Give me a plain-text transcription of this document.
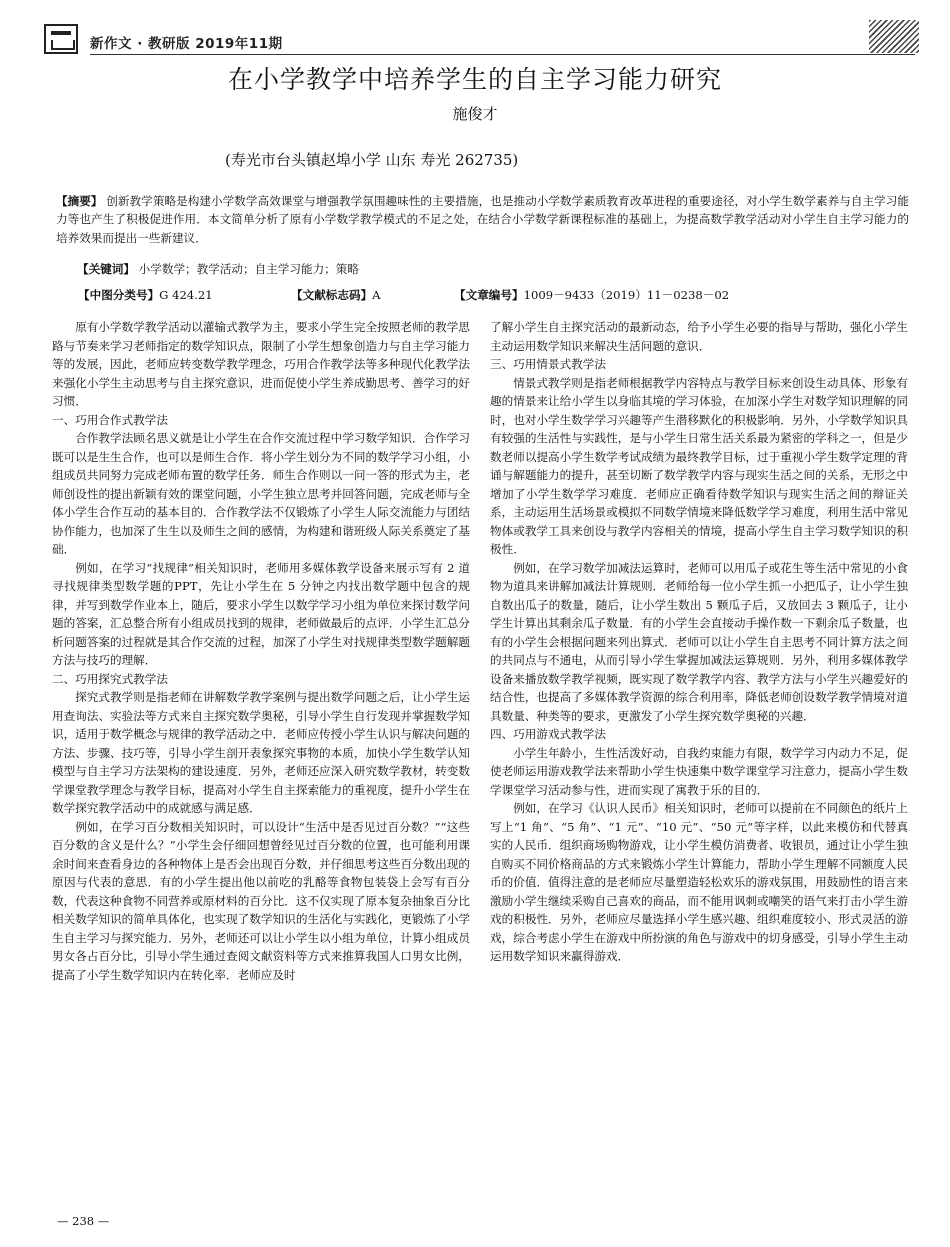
新作文 · 教研版 2019年11期
在小学教学中培养学生的自主学习能力研究
施俊才
(寿光市台头镇赵埠小学 山东 寿光 262735)
【摘要】 创新教学策略是构建小学数学高效课堂与增强教学氛围趣味性的主要措施，也是推动小学数学素质教育改革进程的重要途径，对小学生数学素养与自主学习能力等也产生了积极促进作用．本文简单分析了原有小学数学教学模式的不足之处，在结合小学数学新课程标准的基础上，为提高数学教学活动对小学生自主学习能力的培养效果而提出一些新建议．
【关键词】 小学数学；教学活动；自主学习能力；策略
【中图分类号】G 424.21	【文献标志码】A	【文章编号】1009－9433（2019）11－0238－02

原有小学数学教学活动以灌输式教学为主，要求小学生完全按照老师的教学思路与节奏来学习老师指定的数学知识点，限制了小学生想象创造力与自主学习能力等的发展，因此，老师应转变数学教学理念，巧用合作教学法等多种现代化教学法来强化小学生主动思考与自主探究意识，进而促使小学生养成勤思考、善学习的好习惯．

一、巧用合作式教学法

合作教学法顾名思义就是让小学生在合作交流过程中学习数学知识．合作学习既可以是生生合作，也可以是师生合作．将小学生划分为不同的数学学习小组，小组成员共同努力完成老师布置的数学任务．师生合作则以一问一答的形式为主，老师创设性的提出新颖有效的课堂问题，小学生独立思考并回答问题，完成老师与全体小学生合作互动的基本目的．合作教学法不仅锻炼了小学生人际交流能力与团结协作能力，也加深了生生以及师生之间的感情，为构建和谐班级人际关系奠定了基础．

例如，在学习“找规律”相关知识时，老师用多媒体教学设备来展示写有 2 道寻找规律类型数学题的PPT，先让小学生在 5 分钟之内找出数学题中包含的规律，并写到数学作业本上，随后，要求小学生以数学学习小组为单位来探讨数学问题的答案，汇总整合所有小组成员找到的规律，老师做最后的点评．小学生汇总分析问题答案的过程就是其合作交流的过程，加深了小学生对找规律类型数学题解题方法与技巧的理解．

二、巧用探究式教学法

探究式教学则是指老师在讲解数学教学案例与提出数学问题之后，让小学生运用查询法、实验法等方式来自主探究数学奥秘，引导小学生自行发现并掌握数学知识，适用于数学概念与规律的教学活动之中．老师应传授小学生认识与解决问题的方法、步骤、技巧等，引导小学生剖开表象探究事物的本质，加快小学生数学认知模型与自主学习方法架构的建设速度．另外，老师还应深入研究数学教材，转变数学课堂教学理念与教学目标，提高对小学生自主探索能力的重视度，提升小学生在数学探究教学活动中的成就感与满足感．

例如，在学习百分数相关知识时，可以设计“生活中是否见过百分数？”“这些百分数的含义是什么？”小学生会仔细回想曾经见过百分数的位置，也可能利用课余时间来查看身边的各种物体上是否会出现百分数，并仔细思考这些百分数出现的原因与代表的意思．有的小学生提出他以前吃的乳酪等食物包装袋上会写有百分数，代表这种食物不同营养或原材料的百分比．这不仅实现了原本复杂抽象百分比相关数学知识的简单具体化，也实现了数学知识的生活化与实践化，更锻炼了小学生自主学习与探究能力．另外，老师还可以让小学生以小组为单位，计算小组成员男女各占百分比，引导小学生通过查阅文献资料等方式来推算我国人口男女比例，提高了小学生数学知识内在转化率．老师应及时

了解小学生自主探究活动的最新动态，给予小学生必要的指导与帮助，强化小学生主动运用数学知识来解决生活问题的意识．

三、巧用情景式教学法

情景式教学则是指老师根据教学内容特点与教学目标来创设生动具体、形象有趣的情景来让给小学生以身临其境的学习体验，在加深小学生对数学知识理解的同时，也对小学生数学学习兴趣等产生潜移默化的积极影响．另外，小学数学知识具有较强的生活性与实践性，是与小学生日常生活关系最为紧密的学科之一，但是少数老师以提高小学生数学考试成绩为最终教学目标，过于重视小学生数学定理的背诵与解题能力的提升，甚至切断了数学教学内容与现实生活之间的关系，无形之中增加了小学生数学学习难度．老师应正确看待数学知识与现实生活之间的辩证关系，主动运用生活场景或模拟不同数学情境来降低数学学习难度，利用生活中常见物体或教学工具来创设与教学内容相关的情境，提高小学生自主学习数学知识的积极性．

例如，在学习数学加减法运算时，老师可以用瓜子或花生等生活中常见的小食物为道具来讲解加减法计算规则．老师给每一位小学生抓一小把瓜子，让小学生独自数出瓜子的数量，随后，让小学生数出 5 颗瓜子后，又放回去 3 颗瓜子，让小学生计算出其剩余瓜子数量．有的小学生会直接动手操作数一下剩余瓜子数量，也有的小学生会根据问题来列出算式．老师可以让小学生自主思考不同计算方法之间的共同点与不通电，从而引导小学生掌握加减法运算规则．另外，利用多媒体教学设备来播放数学教学视频，既实现了数学教学内容、教学方法与小学生兴趣爱好的结合性，也提高了多媒体教学资源的综合利用率，降低老师创设数学教学情境对道具数量、种类等的要求，更激发了小学生探究数学奥秘的兴趣．

四、巧用游戏式教学法

小学生年龄小，生性活泼好动，自我约束能力有限，数学学习内动力不足，促使老师运用游戏教学法来帮助小学生快速集中数学课堂学习注意力，提高小学生数学课堂学习活动参与性，进而实现了寓教于乐的目的．

例如，在学习《认识人民币》相关知识时，老师可以提前在不同颜色的纸片上写上“1 角”、“5 角”、“1 元”、“10 元”、“50 元”等字样，以此来模仿和代替真实的人民币．组织商场购物游戏，让小学生模仿消费者、收银员，通过让小学生独自购买不同价格商品的方式来锻炼小学生计算能力，帮助小学生理解不同额度人民币的价值．值得注意的是老师应尽量塑造轻松欢乐的游戏氛围，用鼓励性的语言来激励小学生继续采购自己喜欢的商品，而不能用讽刺或嘲笑的语气来打击小学生游戏的积极性．另外，老师应尽量选择小学生感兴趣、组织难度较小、形式灵活的游戏，综合考虑小学生在游戏中所扮演的角色与游戏中的切身感受，引导小学生主动运用数学知识来赢得游戏．

— 238 —
